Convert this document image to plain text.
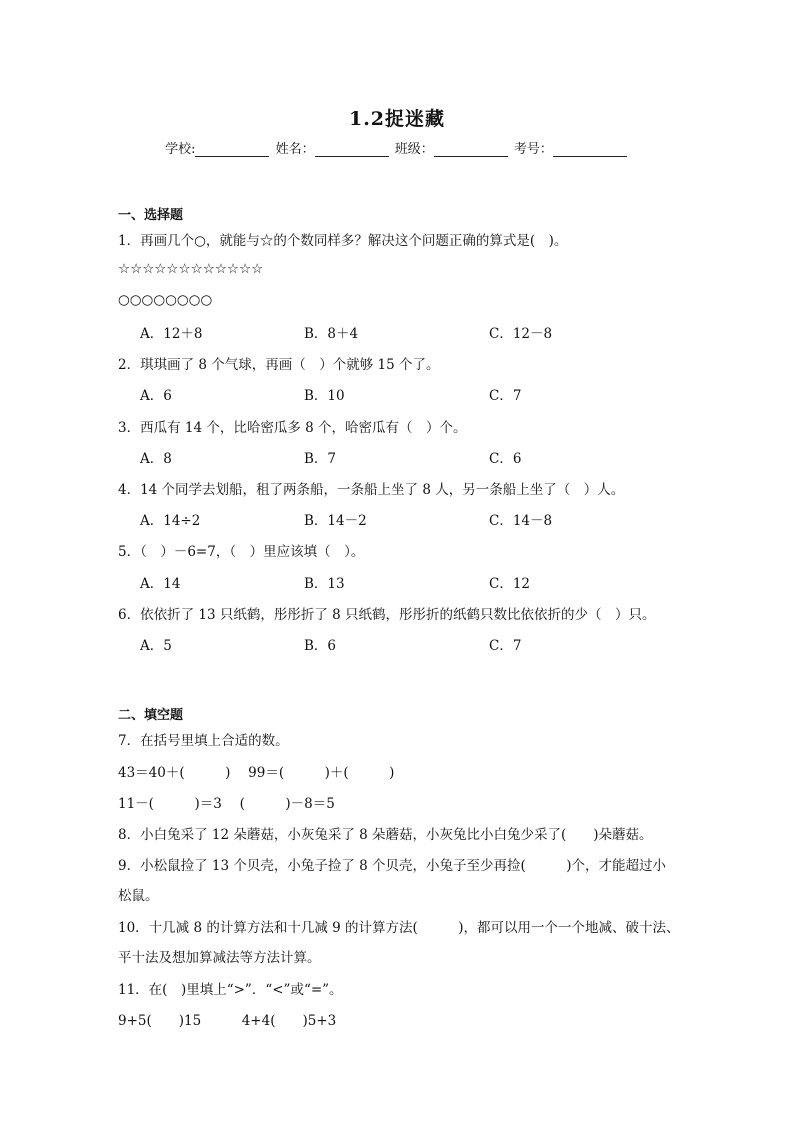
1.2捉迷藏
学校:	姓名：	班级：	考号：
一、选择题
1．再画几个○，就能与☆的个数同样多？解决这个问题正确的算式是(　)。
☆☆☆☆☆☆☆☆☆☆☆☆
○○○○○○○○
A．12＋8	B．8＋4	C．12－8
2．琪琪画了 8 个气球，再画（　）个就够 15 个了。
A．6	B．10	C．7
3．西瓜有 14 个，比哈密瓜多 8 个，哈密瓜有（　）个。
A．8	B．7	C．6
4．14 个同学去划船，租了两条船，一条船上坐了 8 人，另一条船上坐了（　）人。
A．14÷2	B．14－2	C．14－8
5．（　）－6=7，（　）里应该填（　）。
A．14	B．13	C．12
6．依依折了 13 只纸鹤，彤彤折了 8 只纸鹤，彤彤折的纸鹤只数比依依折的少（　）只。
A．5	B．6	C．7
二、填空题
7．在括号里填上合适的数。
43＝40＋(　　　)　 99＝(　　　)＋(　　　)
11－(　　　)＝3　 (　　　)－8＝5
8．小白兔采了 12 朵蘑菇，小灰兔采了 8 朵蘑菇，小灰兔比小白兔少采了(　　)朵蘑菇。
9．小松鼠捡了 13 个贝壳，小兔子捡了 8 个贝壳，小兔子至少再捡(　　　)个，才能超过小
松鼠。
10．十几减 8 的计算方法和十几减 9 的计算方法(　　　)，都可以用一个一个地减、破十法、
平十法及想加算减法等方法计算。
11．在(　)里填上“>”．“<”或“=”。
9+5(　　)15　　　4+4(　　)5+3
